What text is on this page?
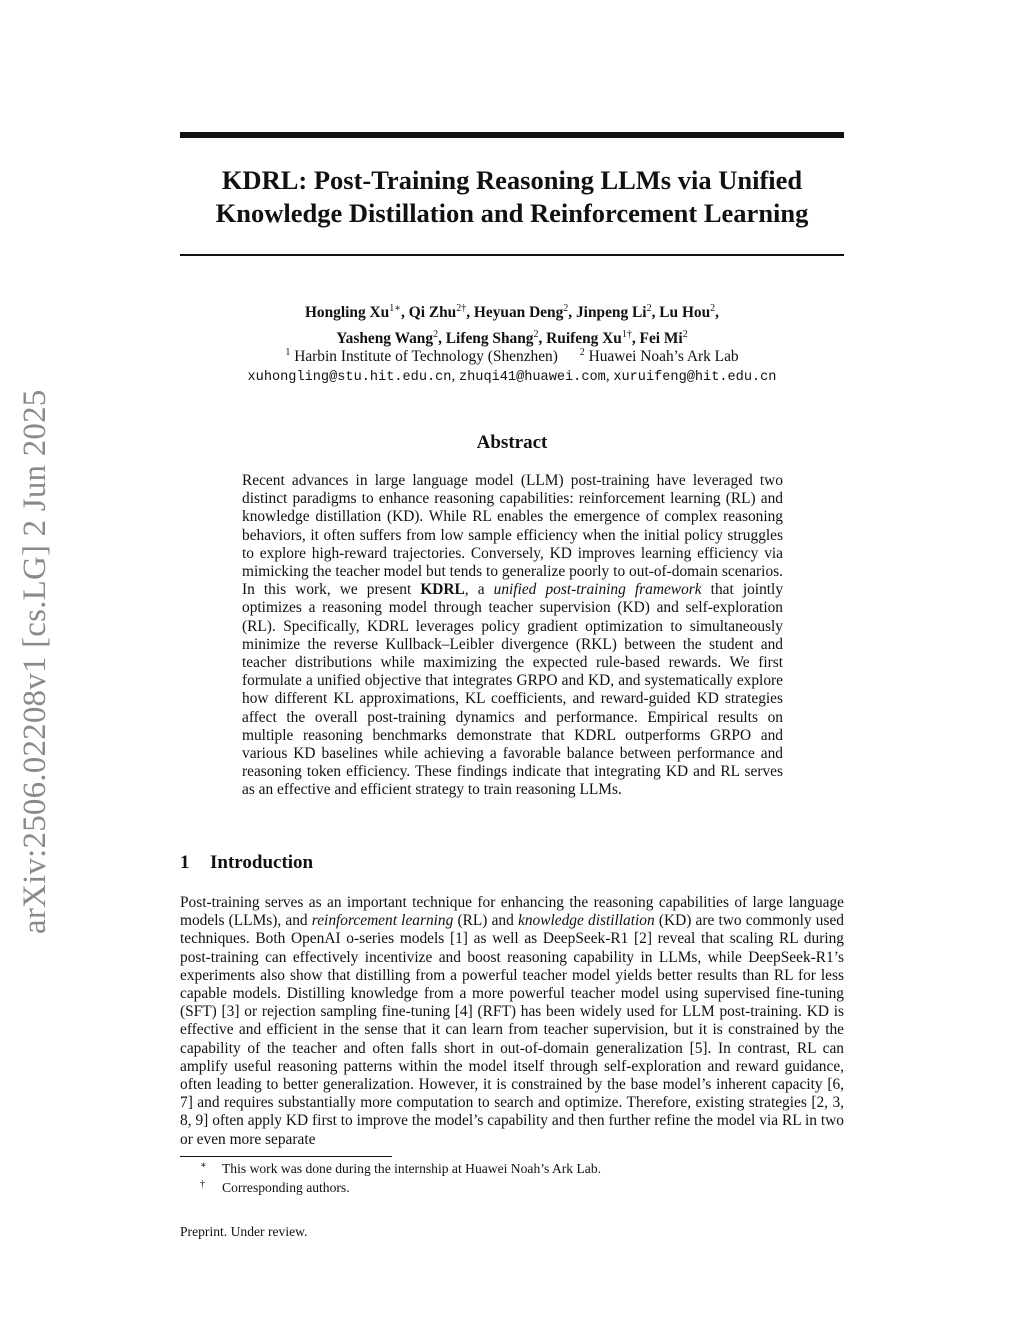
arXiv:2506.02208v1 [cs.LG] 2 Jun 2025
KDRL: Post-Training Reasoning LLMs via Unified
Knowledge Distillation and Reinforcement Learning
Hongling $Xu^{1∗}$, Qi Zhu$^{2\dagger}$, Heyuan Deng$^2$, Jinpeng Li$^2$, Lu Hou$^2$,
Yasheng Wang$^2$, Lifeng Shang$^2$, Ruifeng $Xu^{1\dagger}$, Fei Mi$^2$
$^1$ Harbin Institute of Technology (Shenzhen) $^2$ Huawei Noah’s Ark Lab
xuhongling@stu.hit.edu.cn, zhuqi41@huawei.com, xuruifeng@hit.edu.cn
Abstract
Recent advances in large language model (LLM) post-training have leveraged two distinct paradigms to enhance reasoning capabilities: reinforcement learning (RL) and knowledge distillation (KD). While RL enables the emergence of complex reasoning behaviors, it often suffers from low sample efficiency when the initial policy struggles to explore high-reward trajectories. Conversely, KD improves learning efficiency via mimicking the teacher model but tends to generalize poorly to out-of-domain scenarios. In this work, we present KDRL, a unified post-training framework that jointly optimizes a reasoning model through teacher supervision (KD) and self-exploration (RL). Specifically, KDRL leverages policy gradient optimization to simultaneously minimize the reverse Kullback–Leibler divergence (RKL) between the student and teacher distributions while maximizing the expected rule-based rewards. We first formulate a unified objective that integrates GRPO and KD, and systematically explore how different KL approximations, KL coefficients, and reward-guided KD strategies affect the overall post-training dynamics and performance. Empirical results on multiple reasoning benchmarks demonstrate that KDRL outperforms GRPO and various KD baselines while achieving a favorable balance between performance and reasoning token efficiency. These findings indicate that integrating KD and RL serves as an effective and efficient strategy to train reasoning LLMs.
1 Introduction
Post-training serves as an important technique for enhancing the reasoning capabilities of large language models (LLMs), and reinforcement learning (RL) and knowledge distillation (KD) are two commonly used techniques. Both OpenAI o-series models [1] as well as DeepSeek-R1 [2] reveal that scaling RL during post-training can effectively incentivize and boost reasoning capability in LLMs, while DeepSeek-R1’s experiments also show that distilling from a powerful teacher model yields better results than RL for less capable models. Distilling knowledge from a more powerful teacher model using supervised fine-tuning (SFT) [3] or rejection sampling fine-tuning [4] (RFT) has been widely used for LLM post-training. KD is effective and efficient in the sense that it can learn from teacher supervision, but it is constrained by the capability of the teacher and often falls short in out-of-domain generalization [5]. In contrast, RL can amplify useful reasoning patterns within the model itself through self-exploration and reward guidance, often leading to better generalization. However, it is constrained by the base model’s inherent capacity [6, 7] and requires substantially more computation to search and optimize. Therefore, existing strategies [2, 3, 8, 9] often apply KD first to improve the model’s capability and then further refine the model via RL in two or even more separate
∗ This work was done during the internship at Huawei Noah’s Ark Lab.
† Corresponding authors.
Preprint. Under review.
